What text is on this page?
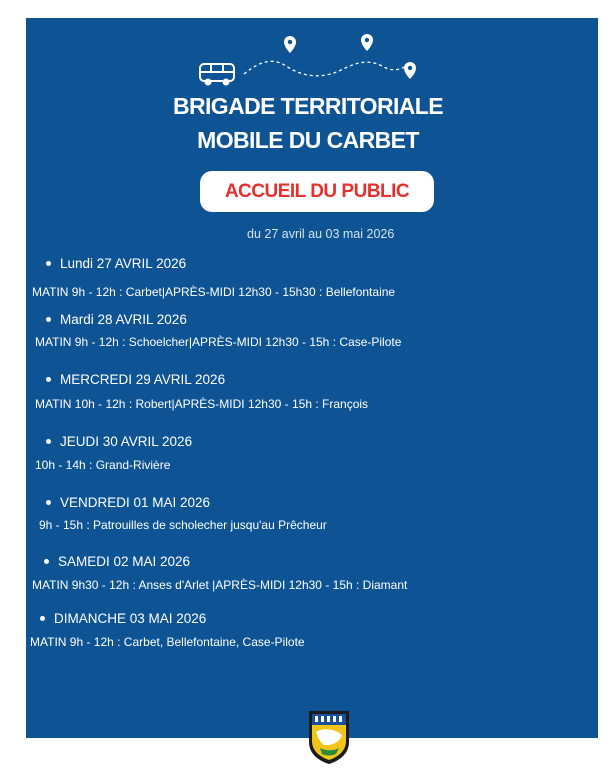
BRIGADE TERRITORIALE
MOBILE DU CARBET
ACCUEIL DU PUBLIC
du 27 avril au 03 mai 2026
Lundi 27 AVRIL 2026
MATIN 9h - 12h : Carbet|APRÈS-MIDI 12h30 - 15h30 : Bellefontaine
Mardi 28 AVRIL 2026
MATIN 9h - 12h : Schoelcher|APRÈS-MIDI 12h30 - 15h : Case-Pilote
MERCREDI 29 AVRIL 2026
MATIN 10h - 12h : Robert|APRÈS-MIDI 12h30 - 15h : François
JEUDI 30 AVRIL 2026
10h - 14h : Grand-Rivière
VENDREDI 01 MAI 2026
9h - 15h : Patrouilles de scholecher jusqu'au Prêcheur
SAMEDI 02 MAI 2026
MATIN 9h30 - 12h : Anses d'Arlet |APRÈS-MIDI 12h30 - 15h : Diamant
DIMANCHE 03 MAI 2026
MATIN 9h - 12h : Carbet, Bellefontaine, Case-Pilote
